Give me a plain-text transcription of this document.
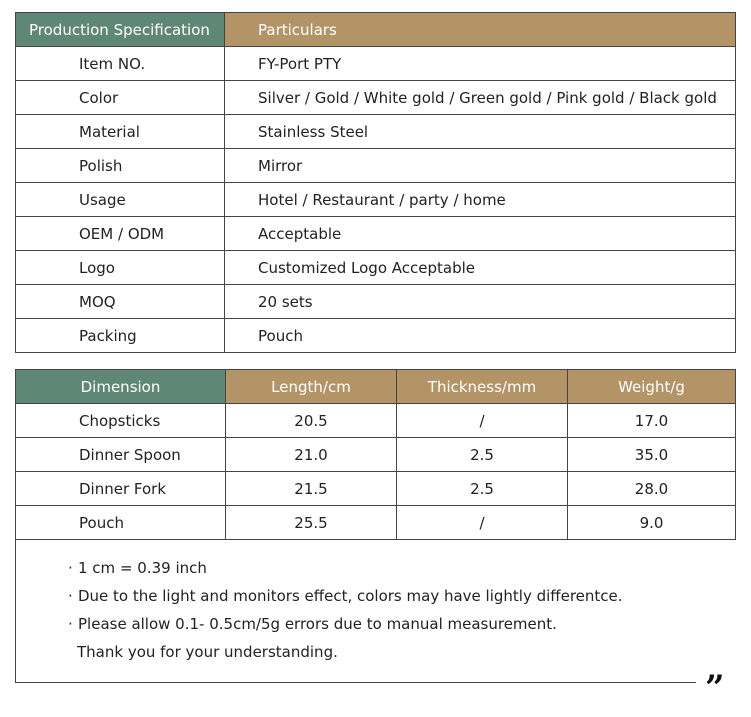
Production Specification	Particulars
Item NO.	FY-Port PTY
Color	Silver / Gold / White gold / Green gold / Pink gold / Black gold
Material	Stainless Steel
Polish	Mirror
Usage	Hotel / Restaurant / party / home
OEM / ODM	Acceptable
Logo	Customized Logo Acceptable
MOQ	20 sets
Packing	Pouch
Dimension	Length/cm	Thickness/mm	Weight/g
Chopsticks	20.5	/	17.0
Dinner Spoon	21.0	2.5	35.0
Dinner Fork	21.5	2.5	28.0
Pouch	25.5	/	9.0
· 1 cm = 0.39 inch
· Due to the light and monitors effect, colors may have lightly differentce.
· Please allow 0.1- 0.5cm/5g errors due to manual measurement.
Thank you for your understanding.
”
